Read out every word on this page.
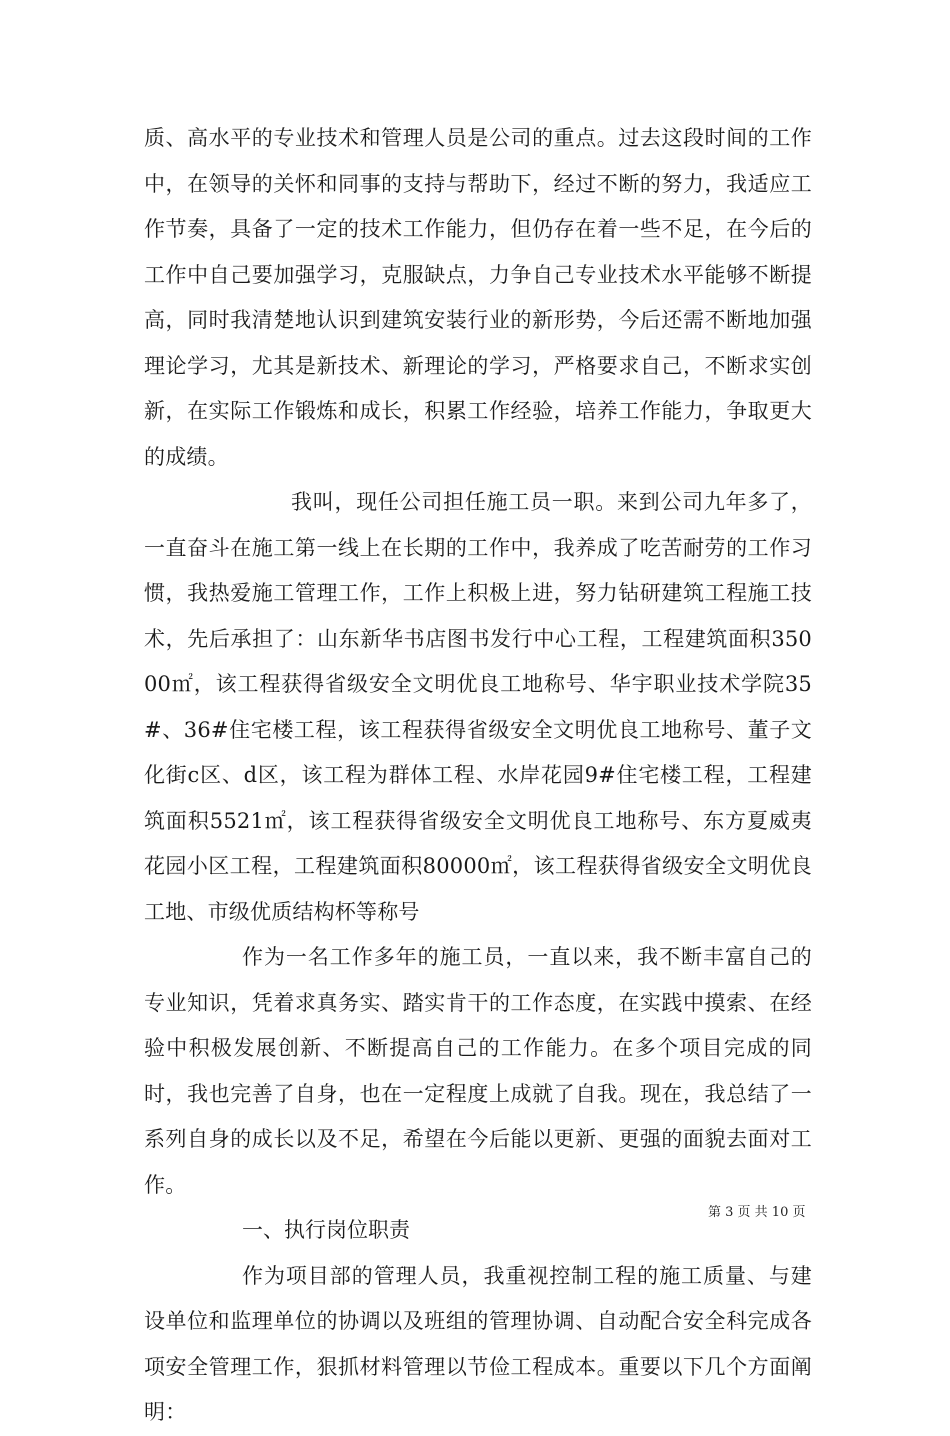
质、高水平的专业技术和管理人员是公司的重点。过去这段时间的工作中，在领导的关怀和同事的支持与帮助下，经过不断的努力，我适应工作节奏，具备了一定的技术工作能力，但仍存在着一些不足，在今后的工作中自己要加强学习，克服缺点，力争自己专业技术水平能够不断提高，同时我清楚地认识到建筑安装行业的新形势，今后还需不断地加强理论学习，尤其是新技术、新理论的学习，严格要求自己，不断求实创新，在实际工作锻炼和成长，积累工作经验，培养工作能力，争取更大的成绩。

我叫，现任公司担任施工员一职。来到公司九年多了，一直奋斗在施工第一线上在长期的工作中，我养成了吃苦耐劳的工作习惯，我热爱施工管理工作，工作上积极上进，努力钻研建筑工程施工技术，先后承担了：山东新华书店图书发行中心工程，工程建筑面积35000㎡，该工程获得省级安全文明优良工地称号、华宇职业技术学院35#、36#住宅楼工程，该工程获得省级安全文明优良工地称号、董子文化街c区、d区，该工程为群体工程、水岸花园9#住宅楼工程，工程建筑面积5521㎡，该工程获得省级安全文明优良工地称号、东方夏威夷花园小区工程，工程建筑面积80000㎡，该工程获得省级安全文明优良工地、市级优质结构杯等称号

作为一名工作多年的施工员，一直以来，我不断丰富自己的专业知识，凭着求真务实、踏实肯干的工作态度，在实践中摸索、在经验中积极发展创新、不断提高自己的工作能力。在多个项目完成的同时，我也完善了自身，也在一定程度上成就了自我。现在，我总结了一系列自身的成长以及不足，希望在今后能以更新、更强的面貌去面对工作。

一、执行岗位职责

作为项目部的管理人员，我重视控制工程的施工质量、与建设单位和监理单位的协调以及班组的管理协调、自动配合安全科完成各项安全管理工作，狠抓材料管理以节俭工程成本。重要以下几个方面阐明：

第 3 页 共 10 页
